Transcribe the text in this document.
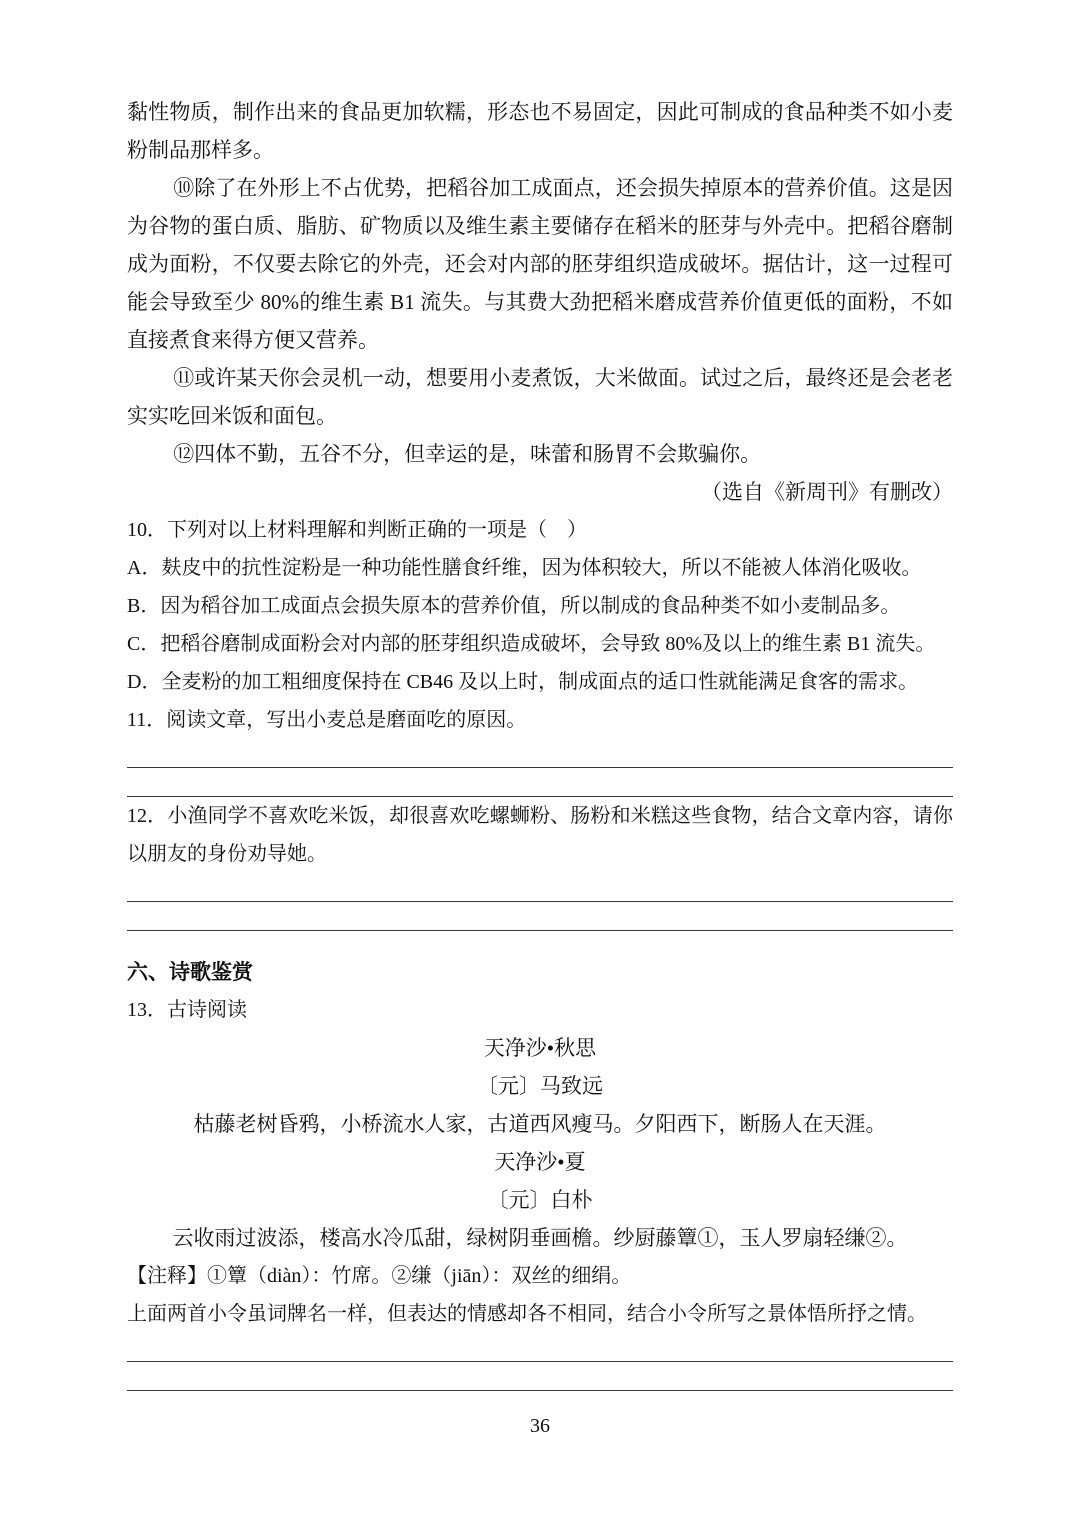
黏性物质，制作出来的食品更加软糯，形态也不易固定，因此可制成的食品种类不如小麦粉制品那样多。

⑩除了在外形上不占优势，把稻谷加工成面点，还会损失掉原本的营养价值。这是因为谷物的蛋白质、脂肪、矿物质以及维生素主要储存在稻米的胚芽与外壳中。把稻谷磨制成为面粉，不仅要去除它的外壳，还会对内部的胚芽组织造成破坏。据估计，这一过程可能会导致至少 80%的维生素 B1 流失。与其费大劲把稻米磨成营养价值更低的面粉，不如直接煮食来得方便又营养。

⑪或许某天你会灵机一动，想要用小麦煮饭，大米做面。试过之后，最终还是会老老实实吃回米饭和面包。

⑫四体不勤，五谷不分，但幸运的是，味蕾和肠胃不会欺骗你。

（选自《新周刊》有删改）

10．下列对以上材料理解和判断正确的一项是（　）

A．麸皮中的抗性淀粉是一种功能性膳食纤维，因为体积较大，所以不能被人体消化吸收。

B．因为稻谷加工成面点会损失原本的营养价值，所以制成的食品种类不如小麦制品多。

C．把稻谷磨制成面粉会对内部的胚芽组织造成破坏，会导致 80%及以上的维生素 B1 流失。

D．全麦粉的加工粗细度保持在 CB46 及以上时，制成面点的适口性就能满足食客的需求。

11．阅读文章，写出小麦总是磨面吃的原因。

12．小渔同学不喜欢吃米饭，却很喜欢吃螺蛳粉、肠粉和米糕这些食物，结合文章内容，请你以朋友的身份劝导她。

六、诗歌鉴赏

13．古诗阅读

天净沙•秋思

〔元〕马致远

枯藤老树昏鸦，小桥流水人家，古道西风瘦马。夕阳西下，断肠人在天涯。

天净沙•夏

〔元〕白朴

云收雨过波添，楼高水冷瓜甜，绿树阴垂画檐。纱厨藤簟①，玉人罗扇轻缣②。

【注释】①簟（diàn）：竹席。②缣（jiān）：双丝的细绢。

上面两首小令虽词牌名一样，但表达的情感却各不相同，结合小令所写之景体悟所抒之情。

36
